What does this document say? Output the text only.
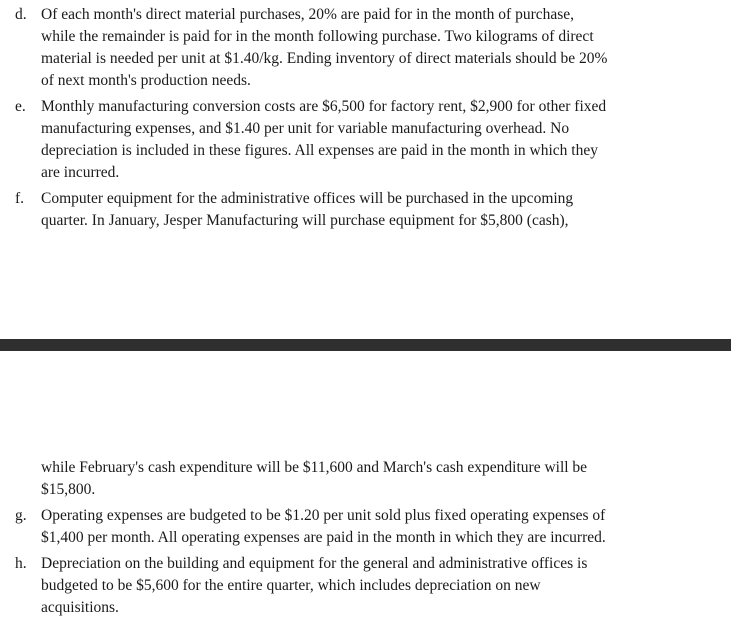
d. Of each month's direct material purchases, 20% are paid for in the month of purchase,
while the remainder is paid for in the month following purchase. Two kilograms of direct
material is needed per unit at $1.40/kg. Ending inventory of direct materials should be 20%
of next month's production needs.
e. Monthly manufacturing conversion costs are $6,500 for factory rent, $2,900 for other fixed
manufacturing expenses, and $1.40 per unit for variable manufacturing overhead. No
depreciation is included in these figures. All expenses are paid in the month in which they
are incurred.
f.	Computer equipment for the administrative offices will be purchased in the upcoming
quarter. In January, Jesper Manufacturing will purchase equipment for $5,800 (cash),
while February's cash expenditure will be $11,600 and March's cash expenditure will be
$15,800.
g. Operating expenses are budgeted to be $1.20 per unit sold plus fixed operating expenses of
$1,400 per month. All operating expenses are paid in the month in which they are incurred.
h. Depreciation on the building and equipment for the general and administrative offices is
budgeted to be $5,600 for the entire quarter, which includes depreciation on new
acquisitions.
